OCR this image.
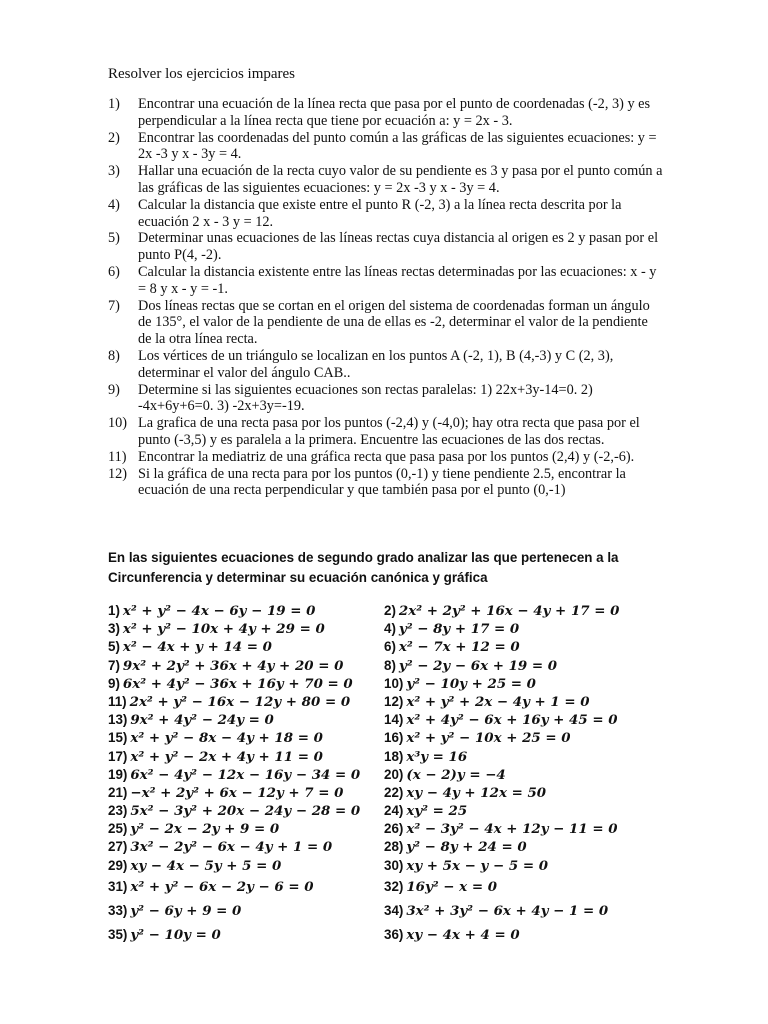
Resolver los ejercicios impares
1)	Encontrar una ecuación de la línea recta que pasa por el punto de coordenadas (-2, 3) y es perpendicular a la línea recta que tiene por ecuación a: y = 2x - 3.
2)	Encontrar las coordenadas del punto común a las gráficas de las siguientes ecuaciones: y = 2x -3 y x - 3y = 4.
3)	Hallar una ecuación de la recta cuyo valor de su pendiente es 3 y pasa por el punto común a las gráficas de las siguientes ecuaciones: y = 2x -3 y x - 3y = 4.
4)	Calcular la distancia que existe entre el punto R (-2, 3) a la línea recta descrita por la ecuación 2 x - 3 y = 12.
5)	Determinar unas ecuaciones de las líneas rectas cuya distancia al origen es 2 y pasan por el punto P(4, -2).
6)	Calcular la distancia existente entre las líneas rectas determinadas por las ecuaciones: x - y = 8 y x - y = -1.
7)	Dos líneas rectas que se cortan en el origen del sistema de coordenadas forman un ángulo de 135°, el valor de la pendiente de una de ellas es -2, determinar el valor de la pendiente de la otra línea recta.
8)	Los vértices de un triángulo se localizan en los puntos A (-2, 1), B (4,-3) y C (2, 3), determinar el valor del ángulo CAB..
9)	Determine si las siguientes ecuaciones son rectas paralelas: 1) 22x+3y-14=0. 2) -4x+6y+6=0. 3) -2x+3y=-19.
10) La grafica de una recta pasa por los puntos (-2,4) y (-4,0); hay otra recta que pasa por el punto (-3,5) y es paralela a la primera. Encuentre las ecuaciones de las dos rectas.
11) Encontrar la mediatriz de una gráfica recta que pasa pasa por los puntos (2,4) y (-2,-6).
12) Si la gráfica de una recta para por los puntos (0,-1) y tiene pendiente 2.5, encontrar la ecuación de una recta perpendicular y que también pasa por el punto (0,-1)
En las siguientes ecuaciones de segundo grado analizar las que pertenecen a la Circunferencia y determinar su ecuación canónica y gráfica
1) x² + y² − 4x − 6y − 19 = 0	2) 2x² + 2y² + 16x − 4y + 17 = 0
3) x² + y² − 10x + 4y + 29 = 0	4) y² − 8y + 17 = 0
5) x² − 4x + y + 14 = 0	6) x² − 7x + 12 = 0
7) 9x² + 2y² + 36x + 4y + 20 = 0	8) y² − 2y − 6x + 19 = 0
9) 6x² + 4y² − 36x + 16y + 70 = 0	10) y² − 10y + 25 = 0
11) 2x² + y² − 16x − 12y + 80 = 0	12) x² + y² + 2x − 4y + 1 = 0
13) 9x² + 4y² − 24y = 0	14) x² + 4y² − 6x + 16y + 45 = 0
15) x² + y² − 8x − 4y + 18 = 0	16) x² + y² − 10x + 25 = 0
17) x² + y² − 2x + 4y + 11 = 0	18) x³y = 16
19) 6x² − 4y² − 12x − 16y − 34 = 0	20) (x − 2)y = −4
21) −x² + 2y² + 6x − 12y + 7 = 0	22) xy − 4y + 12x = 50
23) 5x² − 3y² + 20x − 24y − 28 = 0	24) xy² = 25
25) y² − 2x − 2y + 9 = 0	26) x² − 3y² − 4x + 12y − 11 = 0
27) 3x² − 2y² − 6x − 4y + 1 = 0	28) y² − 8y + 24 = 0
29) xy − 4x − 5y + 5 = 0	30) xy + 5x − y − 5 = 0
31) x² + y² − 6x − 2y − 6 = 0	32) 16y² − x = 0
33) y² − 6y + 9 = 0	34) 3x² + 3y² − 6x + 4y − 1 = 0
35) y² − 10y = 0	36) xy − 4x + 4 = 0
